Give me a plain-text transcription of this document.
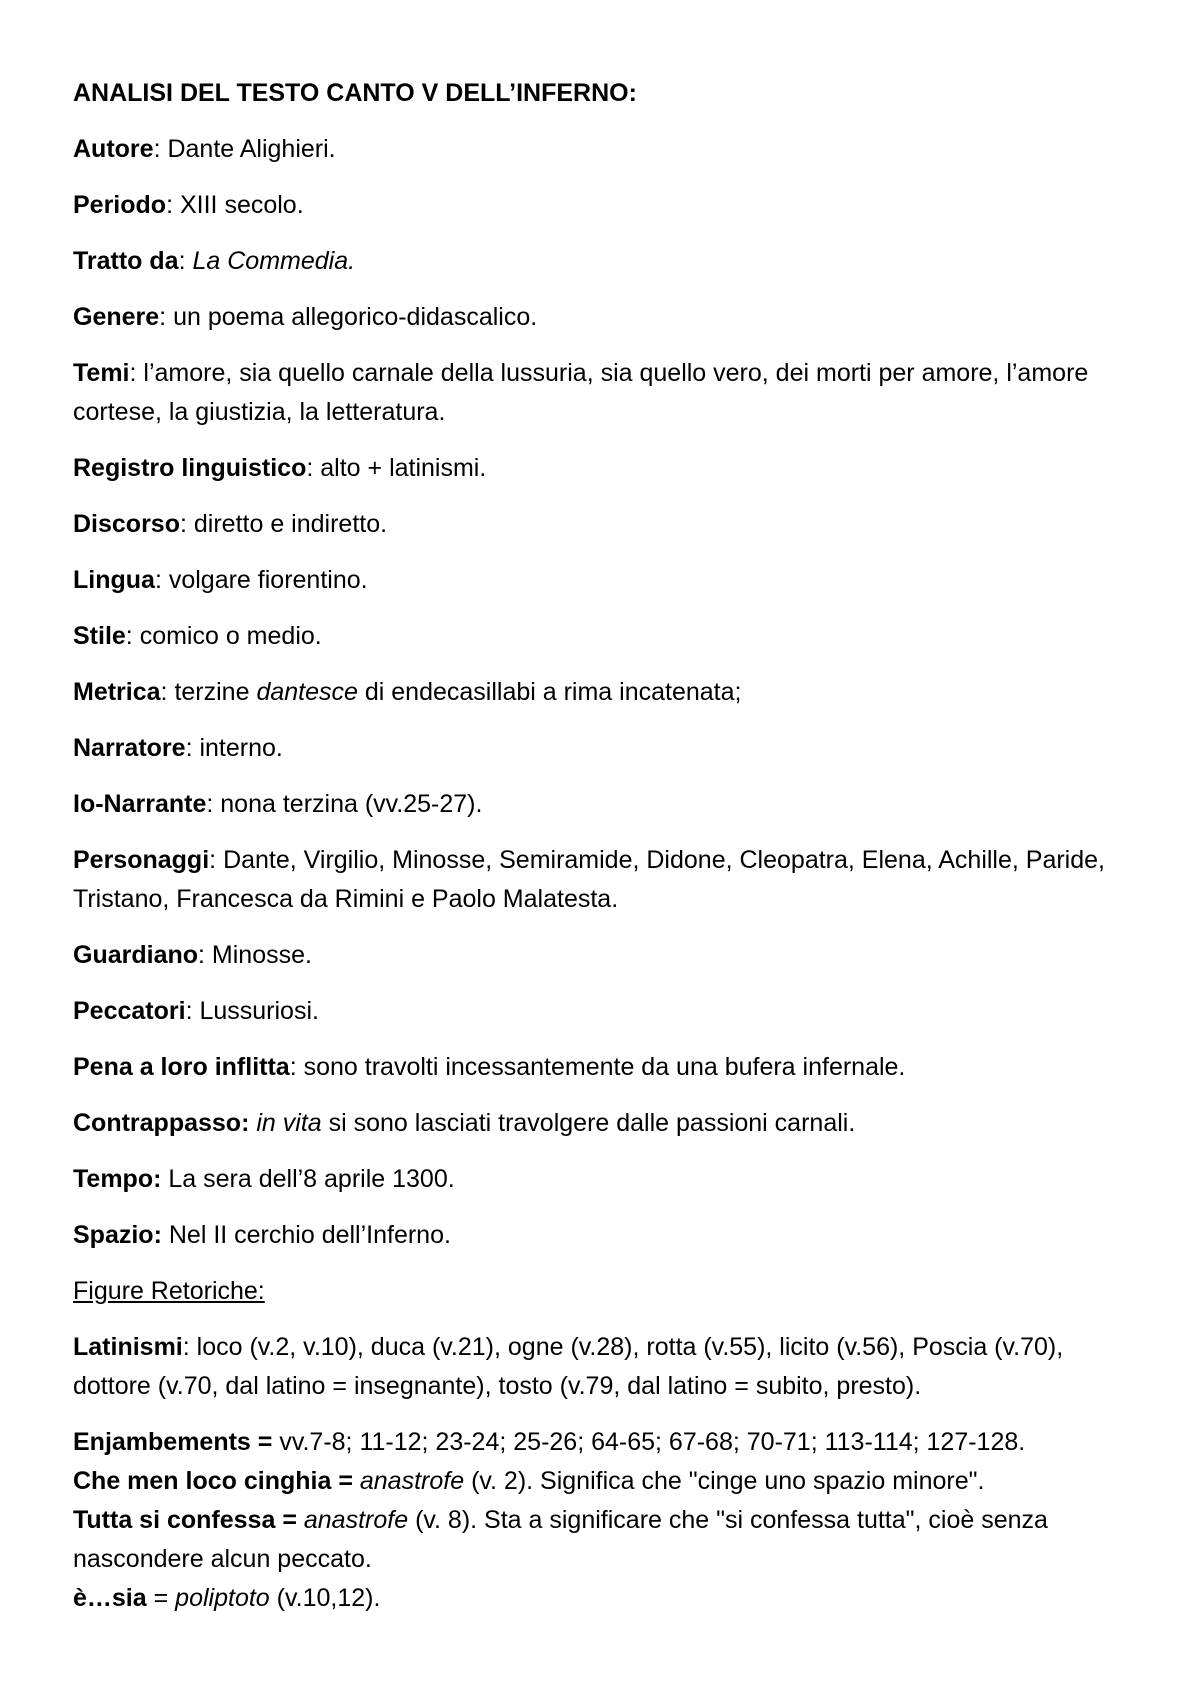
ANALISI DEL TESTO CANTO V DELL’INFERNO:

Autore: Dante Alighieri.

Periodo: XIII secolo.

Tratto da: La Commedia.

Genere: un poema allegorico-didascalico.

Temi: l’amore, sia quello carnale della lussuria, sia quello vero, dei morti per amore, l’amore cortese, la giustizia, la letteratura.

Registro linguistico: alto + latinismi.

Discorso: diretto e indiretto.

Lingua: volgare fiorentino.

Stile: comico o medio.

Metrica: terzine dantesce di endecasillabi a rima incatenata;

Narratore: interno.

Io-Narrante: nona terzina (vv.25-27).

Personaggi: Dante, Virgilio, Minosse, Semiramide, Didone, Cleopatra, Elena, Achille, Paride, Tristano, Francesca da Rimini e Paolo Malatesta.

Guardiano: Minosse.

Peccatori: Lussuriosi.

Pena a loro inflitta: sono travolti incessantemente da una bufera infernale.

Contrappasso: in vita si sono lasciati travolgere dalle passioni carnali.

Tempo: La sera dell’8 aprile 1300.

Spazio: Nel II cerchio dell’Inferno.

Figure Retoriche:

Latinismi: loco (v.2, v.10), duca (v.21), ogne (v.28), rotta (v.55), licito (v.56), Poscia (v.70), dottore (v.70, dal latino = insegnante), tosto (v.79, dal latino = subito, presto).

Enjambements = vv.7-8; 11-12; 23-24; 25-26; 64-65; 67-68; 70-71; 113-114; 127-128.

Che men loco cinghia = anastrofe (v. 2). Significa che "cinge uno spazio minore".

Tutta si confessa = anastrofe (v. 8). Sta a significare che "si confessa tutta", cioè senza nascondere alcun peccato.

è…sia = poliptoto (v.10,12).
